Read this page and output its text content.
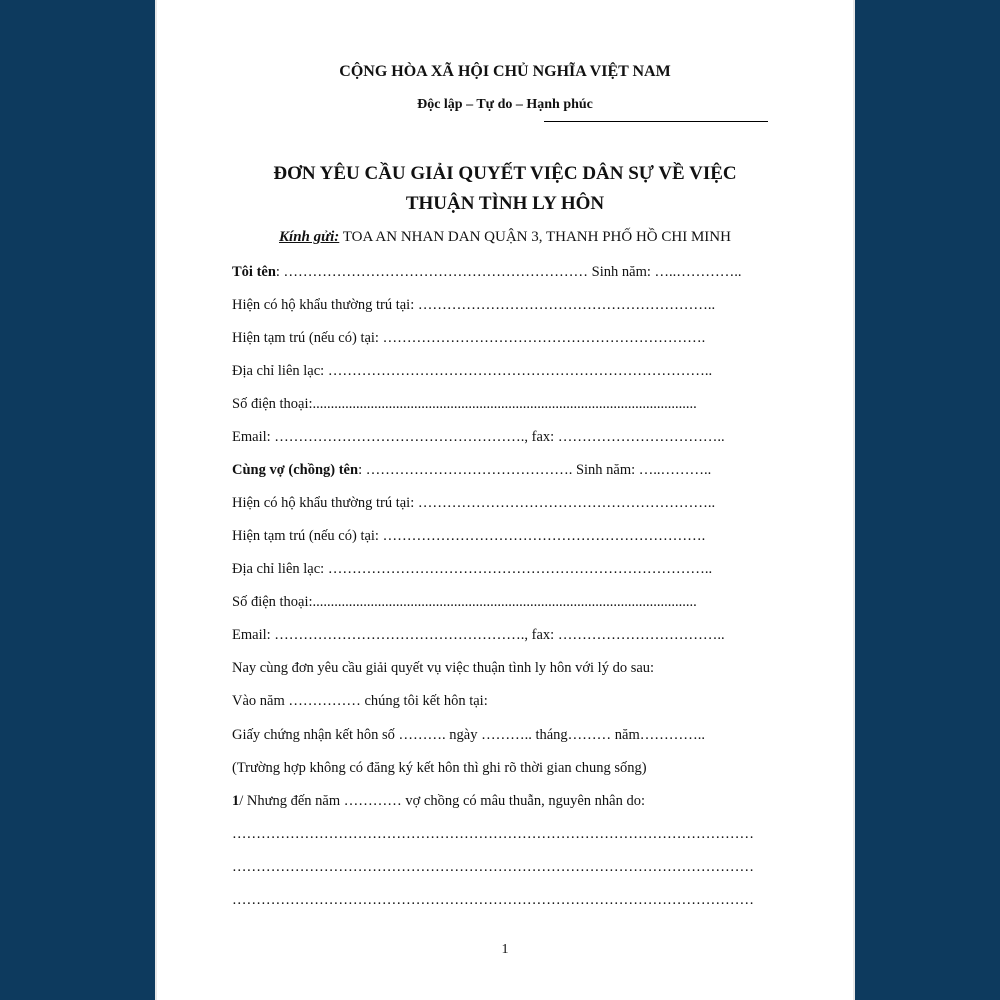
CỘNG HÒA XÃ HỘI CHỦ NGHĨA VIỆT NAM
Độc lập – Tự do – Hạnh phúc
ĐƠN YÊU CẦU GIẢI QUYẾT VIỆC DÂN SỰ VỀ VIỆC
THUẬN TÌNH LY HÔN
Kính gửi: TOA AN NHAN DAN QUẬN 3, THANH PHỐ HỒ CHI MINH
Tôi tên: ……………………………………………………… Sinh năm: …..…………..
Hiện có hộ khẩu thường trú tại: ……………………………………………………..
Hiện tạm trú (nếu có) tại: ………………………………………………………….
Địa chỉ liên lạc: ……………………………………………………………………..
Số điện thoại:..........................................................................................................
Email: ……………………………………………., fax: ……………………………..
Cùng vợ (chồng) tên: ……………………………………. Sinh năm: …..………..
Hiện có hộ khẩu thường trú tại: ……………………………………………………..
Hiện tạm trú (nếu có) tại: ………………………………………………………….
Địa chỉ liên lạc: ……………………………………………………………………..
Số điện thoại:..........................................................................................................
Email: ……………………………………………., fax: ……………………………..
Nay cùng đơn yêu cầu giải quyết vụ việc thuận tình ly hôn với lý do sau:
Vào năm …………… chúng tôi kết hôn tại:
Giấy chứng nhận kết hôn số ………. ngày ……….. tháng……… năm…………..
(Trường hợp không có đăng ký kết hôn thì ghi rõ thời gian chung sống)
1/ Nhưng đến năm ………… vợ chồng có mâu thuẫn, nguyên nhân do:
………………………………………………………………………………………………
………………………………………………………………………………………………
………………………………………………………………………………………………
1
